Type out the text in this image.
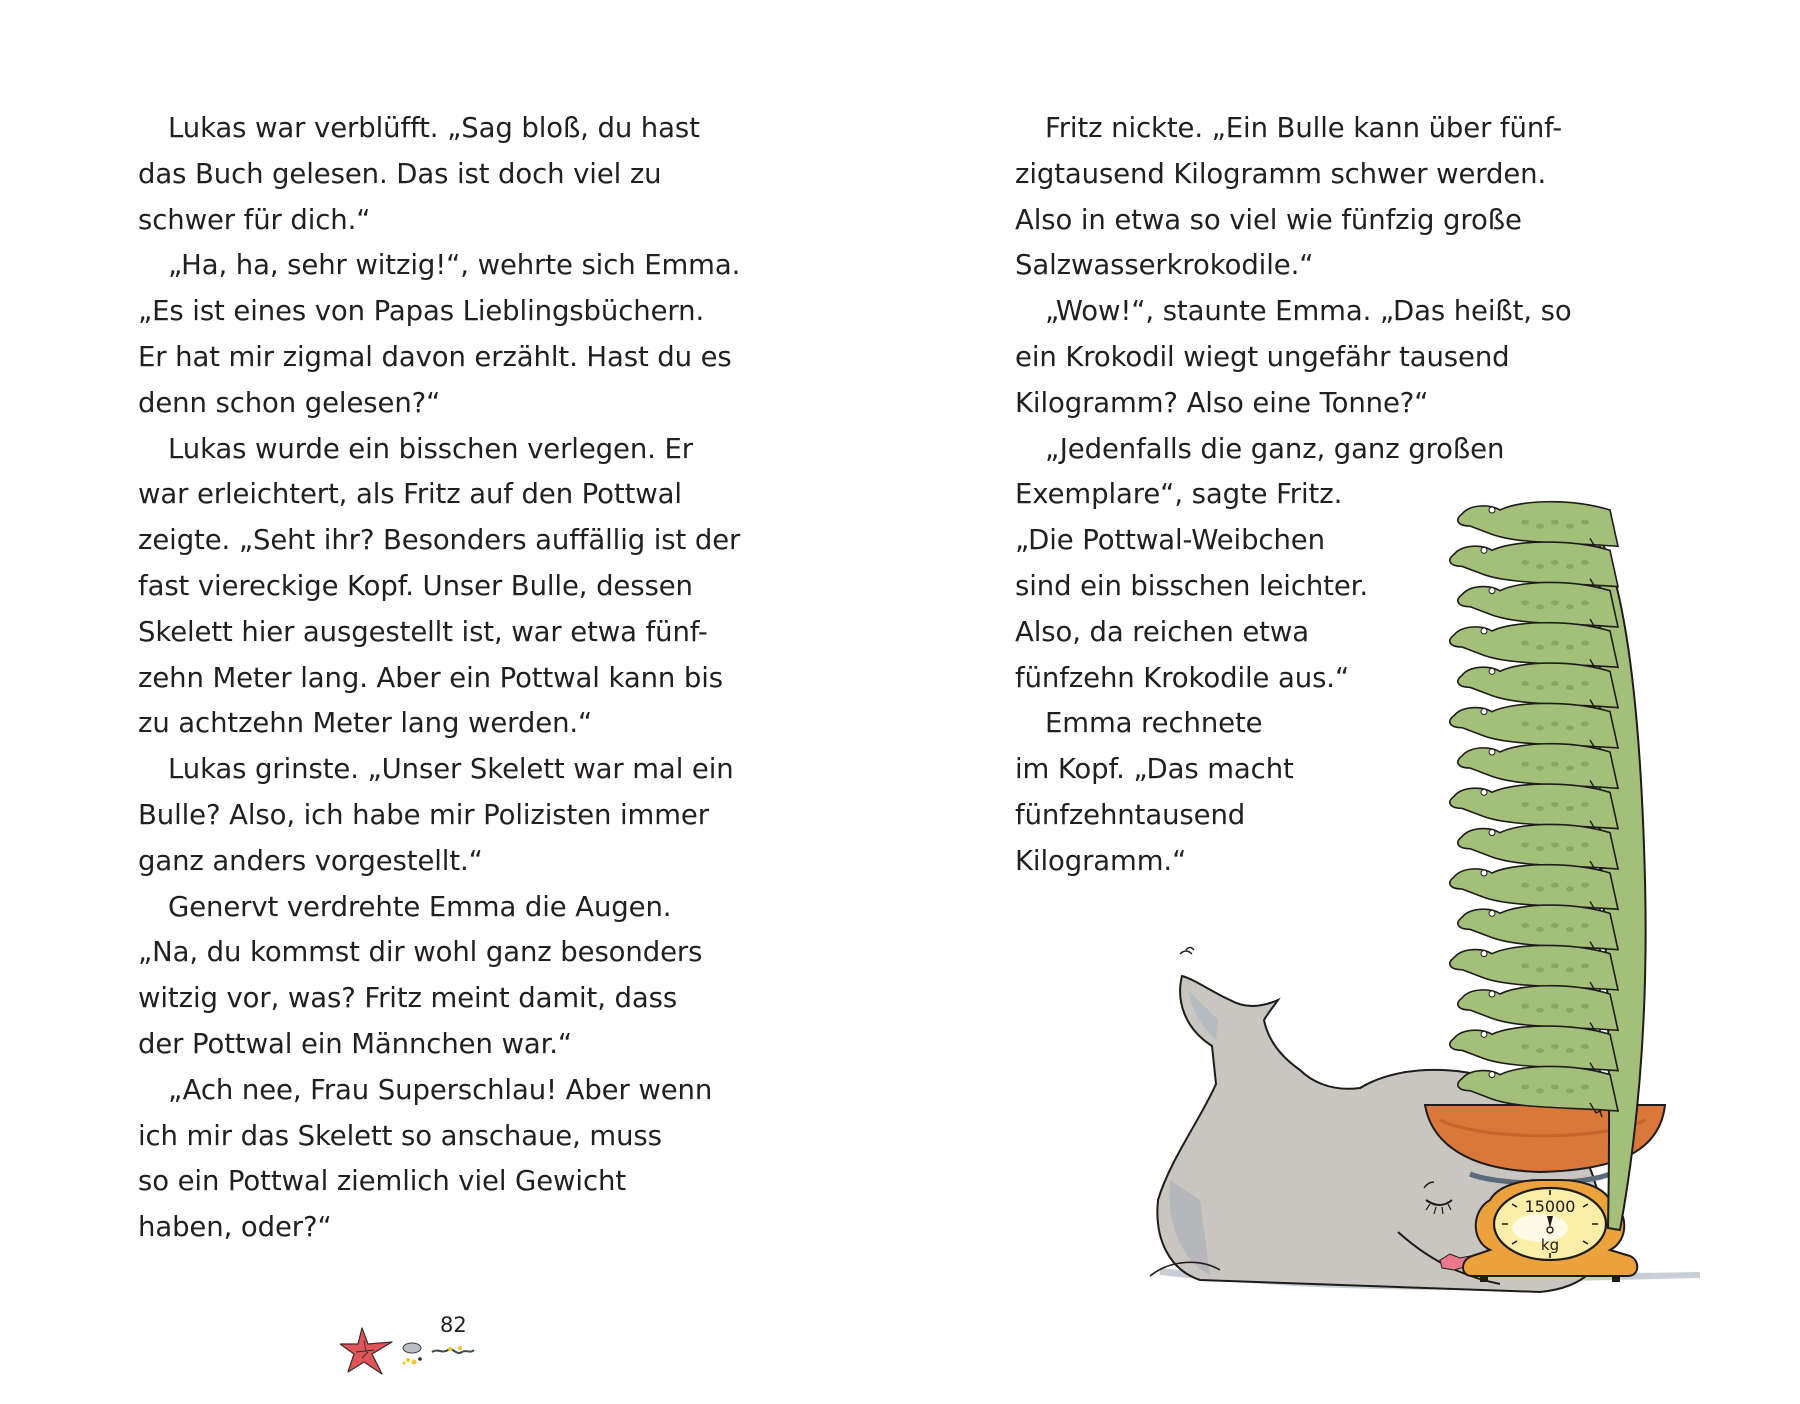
Lukas war verblüfft. „Sag bloß, du hast
das Buch gelesen. Das ist doch viel zu
schwer für dich.“
„Ha, ha, sehr witzig!“, wehrte sich Emma.
„Es ist eines von Papas Lieblingsbüchern.
Er hat mir zigmal davon erzählt. Hast du es
denn schon gelesen?“
Lukas wurde ein bisschen verlegen. Er
war erleichtert, als Fritz auf den Pottwal
zeigte. „Seht ihr? Besonders auffällig ist der
fast viereckige Kopf. Unser Bulle, dessen
Skelett hier ausgestellt ist, war etwa fünf-
zehn Meter lang. Aber ein Pottwal kann bis
zu achtzehn Meter lang werden.“
Lukas grinste. „Unser Skelett war mal ein
Bulle? Also, ich habe mir Polizisten immer
ganz anders vorgestellt.“
Genervt verdrehte Emma die Augen.
„Na, du kommst dir wohl ganz besonders
witzig vor, was? Fritz meint damit, dass
der Pottwal ein Männchen war.“
„Ach nee, Frau Superschlau! Aber wenn
ich mir das Skelett so anschaue, muss
so ein Pottwal ziemlich viel Gewicht
haben, oder?“
82
Fritz nickte. „Ein Bulle kann über fünf-
zigtausend Kilogramm schwer werden.
Also in etwa so viel wie fünfzig große
Salzwasserkrokodile.“
„Wow!“, staunte Emma. „Das heißt, so
ein Krokodil wiegt ungefähr tausend
Kilogramm? Also eine Tonne?“
„Jedenfalls die ganz, ganz großen
Exemplare“, sagte Fritz.
„Die Pottwal-Weibchen
sind ein bisschen leichter.
Also, da reichen etwa
fünfzehn Krokodile aus.“
Emma rechnete
im Kopf. „Das macht
fünfzehntausend
Kilogramm.“
15000
kg
